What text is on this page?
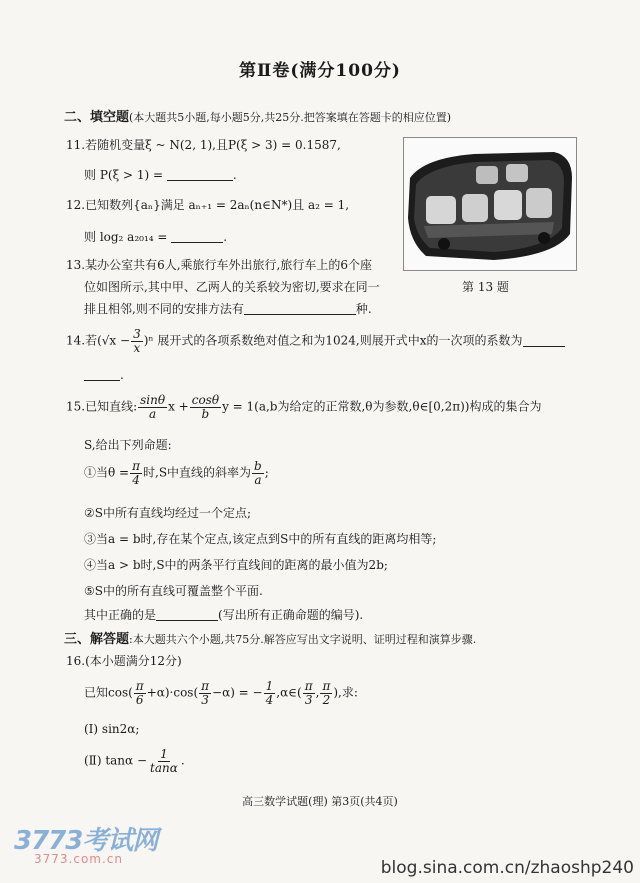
第Ⅱ卷(满分100分)
二、填空题(本大题共5小题,每小题5分,共25分.把答案填在答题卡的相应位置)
11.若随机变量ξ ~ N(2, 1),且P(ξ > 3) = 0.1587,
则 P(ξ > 1) =	.
12.已知数列{aₙ}满足 aₙ₊₁ = 2aₙ(n∈N*)且 a₂ = 1,
则 log₂ a₂₀₁₄ =	.
13.某办公室共有6人,乘旅行车外出旅行,旅行车上的6个座
位如图所示,其中甲、乙两人的关系较为密切,要求在同一
排且相邻,则不同的安排方法有	种.
第 13 题
14.若$(√x - \frac{3}{x} )^n$ 展开式的各项系数绝对值之和为1024,则展开式中x的一次项的系数为
.
15.已知直线: $\frac{\sin\theta}{a}$ $x + \frac{\cos\theta}{b}$ y = 1(a,b为给定的正常数,θ为参数,θ∈[0,2π))构成的集合为
S,给出下列命题:
①当$\theta = \frac{\pi}{4}$ 时,S中直线的斜率为 $\frac{b}{a}$ ;
②S中所有直线均经过一个定点;
③当a = b时,存在某个定点,该定点到S中的所有直线的距离均相等;
④当a > b时,S中的两条平行直线间的距离的最小值为2b;
⑤S中的所有直线可覆盖整个平面.
其中正确的是	(写出所有正确命题的编号).
三、解答题:本大题共六个小题,共75分.解答应写出文字说明、证明过程和演算步骤.
16.(本小题满分12分)
已知$\cos( \frac{\pi}{6} +\alpha)\cdot\cos( \frac{\pi}{3} -\alpha)$ = − $\frac{1}{4}$ ,α∈( $\frac{\pi}{3}$ , $\frac{\pi}{2}$ ),求:
(Ⅰ) sin2α;
(Ⅱ) $\tan\alpha - \frac{1}{\tan\alpha}$ .
高三数学试题(理) 第3页(共4页)
3773考试网
3773.com.cn	blog.sina.com.cn/zhaoshp240
